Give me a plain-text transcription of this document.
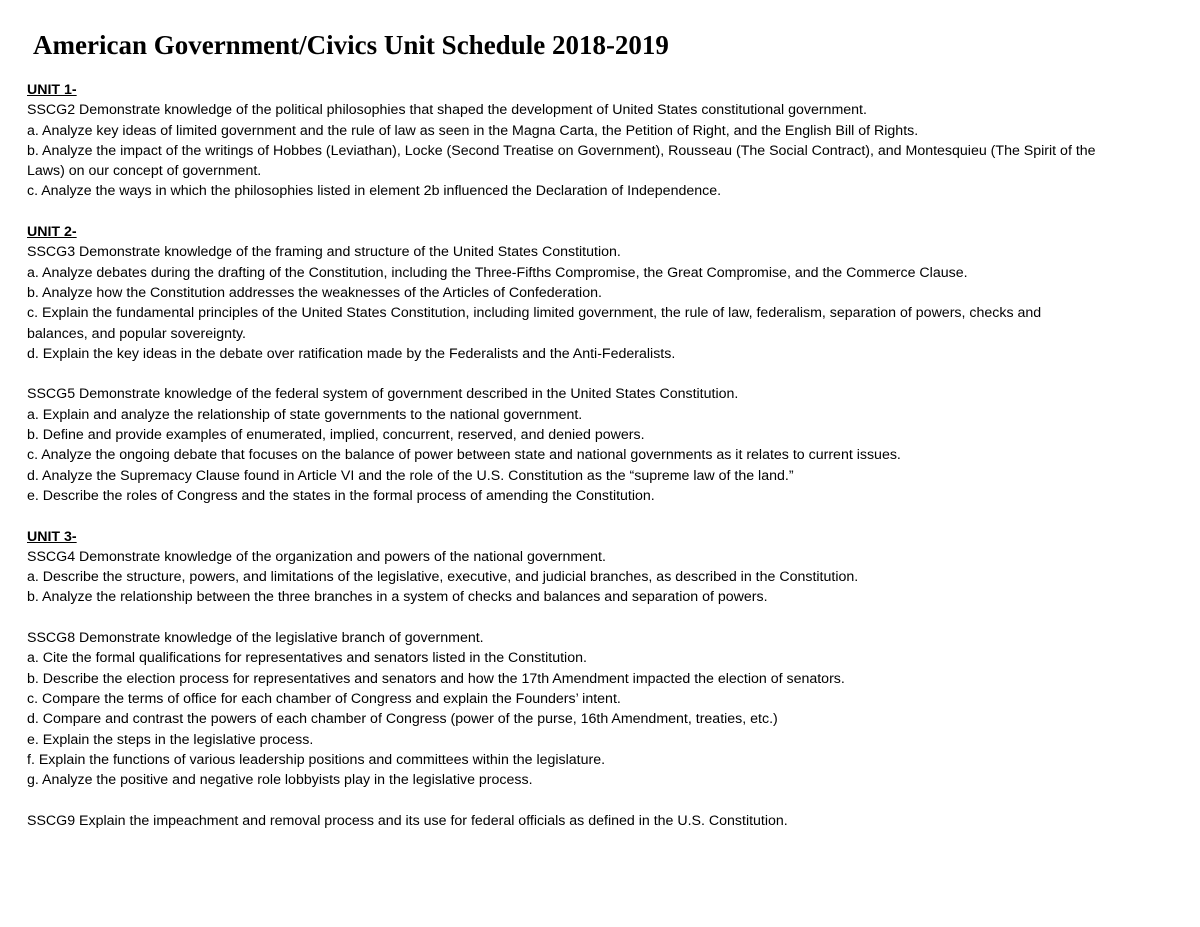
American Government/Civics Unit Schedule 2018-2019

UNIT 1-

SSCG2 Demonstrate knowledge of the political philosophies that shaped the development of United States constitutional government.

a. Analyze key ideas of limited government and the rule of law as seen in the Magna Carta, the Petition of Right, and the English Bill of Rights.

b. Analyze the impact of the writings of Hobbes (Leviathan), Locke (Second Treatise on Government), Rousseau (The Social Contract), and Montesquieu (The Spirit of the

Laws) on our concept of government.

c. Analyze the ways in which the philosophies listed in element 2b influenced the Declaration of Independence.

UNIT 2-

SSCG3 Demonstrate knowledge of the framing and structure of the United States Constitution.

a. Analyze debates during the drafting of the Constitution, including the Three-Fifths Compromise, the Great Compromise, and the Commerce Clause.

b. Analyze how the Constitution addresses the weaknesses of the Articles of Confederation.

c. Explain the fundamental principles of the United States Constitution, including limited government, the rule of law, federalism, separation of powers, checks and

balances, and popular sovereignty.

d. Explain the key ideas in the debate over ratification made by the Federalists and the Anti-Federalists.

SSCG5 Demonstrate knowledge of the federal system of government described in the United States Constitution.

a. Explain and analyze the relationship of state governments to the national government.

b. Define and provide examples of enumerated, implied, concurrent, reserved, and denied powers.

c. Analyze the ongoing debate that focuses on the balance of power between state and national governments as it relates to current issues.

d. Analyze the Supremacy Clause found in Article VI and the role of the U.S. Constitution as the “supreme law of the land.”

e. Describe the roles of Congress and the states in the formal process of amending the Constitution.

UNIT 3-

SSCG4 Demonstrate knowledge of the organization and powers of the national government.

a. Describe the structure, powers, and limitations of the legislative, executive, and judicial branches, as described in the Constitution.

b. Analyze the relationship between the three branches in a system of checks and balances and separation of powers.

SSCG8 Demonstrate knowledge of the legislative branch of government.

a. Cite the formal qualifications for representatives and senators listed in the Constitution.

b. Describe the election process for representatives and senators and how the 17th Amendment impacted the election of senators.

c. Compare the terms of office for each chamber of Congress and explain the Founders’ intent.

d. Compare and contrast the powers of each chamber of Congress (power of the purse, 16th Amendment, treaties, etc.)

e. Explain the steps in the legislative process.

f. Explain the functions of various leadership positions and committees within the legislature.

g. Analyze the positive and negative role lobbyists play in the legislative process.

SSCG9 Explain the impeachment and removal process and its use for federal officials as defined in the U.S. Constitution.
